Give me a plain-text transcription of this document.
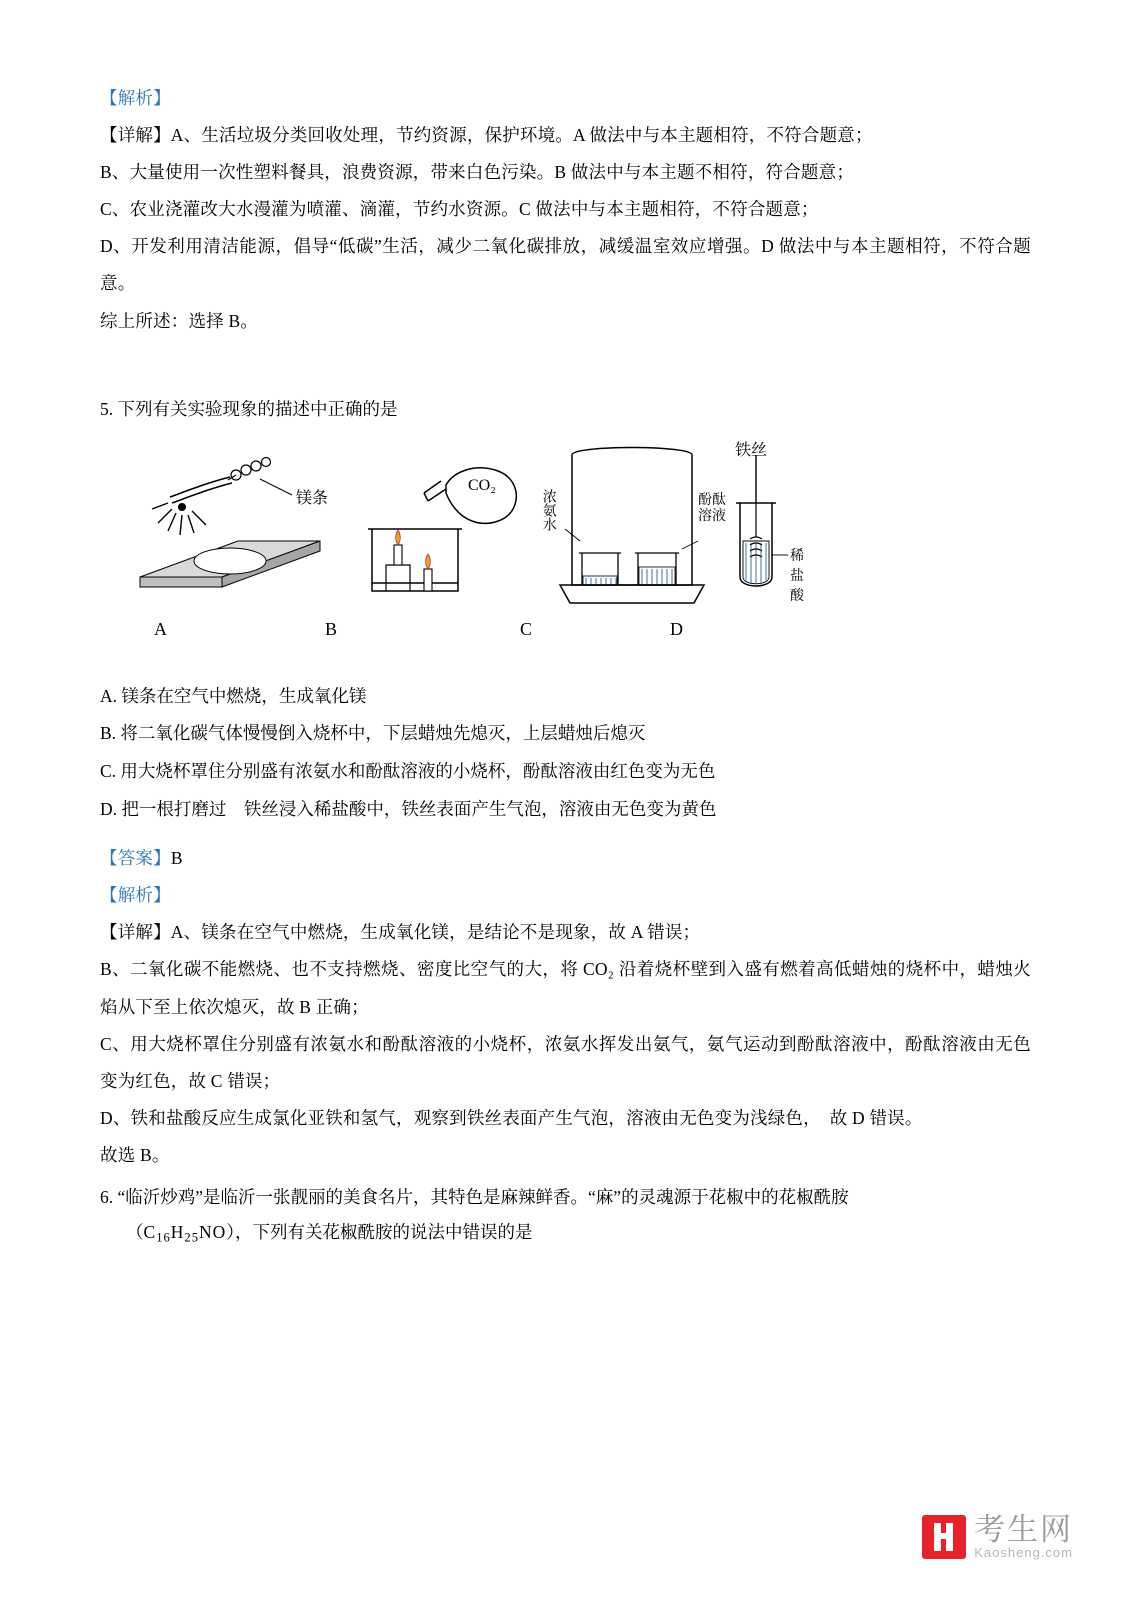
【解析】
【详解】A、生活垃圾分类回收处理，节约资源，保护环境。A 做法中与本主题相符，不符合题意；
B、大量使用一次性塑料餐具，浪费资源，带来白色污染。B 做法中与本主题不相符，符合题意；
C、农业浇灌改大水漫灌为喷灌、滴灌，节约水资源。C 做法中与本主题相符，不符合题意；
D、开发利用清洁能源，倡导“低碳”生活，减少二氧化碳排放，减缓温室效应增强。D 做法中与本主题相符，不符合题意。
综上所述：选择 B。
5. 下列有关实验现象的描述中正确的是
镁条
CO₂
浓氨水	酚酞溶液
铁丝
稀盐酸
A	B	C	D
A. 镁条在空气中燃烧，生成氧化镁
B. 将二氧化碳气体慢慢倒入烧杯中，下层蜡烛先熄灭，上层蜡烛后熄灭
C. 用大烧杯罩住分别盛有浓氨水和酚酞溶液的小烧杯，酚酞溶液由红色变为无色
D. 把一根打磨过　铁丝浸入稀盐酸中，铁丝表面产生气泡，溶液由无色变为黄色
【答案】B
【解析】
【详解】A、镁条在空气中燃烧，生成氧化镁，是结论不是现象，故 A 错误；
B、二氧化碳不能燃烧、也不支持燃烧、密度比空气的大，将 CO₂ 沿着烧杯壁到入盛有燃着高低蜡烛的烧杯中，蜡烛火焰从下至上依次熄灭，故 B 正确；
C、用大烧杯罩住分别盛有浓氨水和酚酞溶液的小烧杯，浓氨水挥发出氨气，氨气运动到酚酞溶液中，酚酞溶液由无色变为红色，故 C 错误；
D、铁和盐酸反应生成氯化亚铁和氢气，观察到铁丝表面产生气泡，溶液由无色变为浅绿色，　故 D 错误。
故选 B。
6. “临沂炒鸡”是临沂一张靓丽的美食名片，其特色是麻辣鲜香。“麻”的灵魂源于花椒中的花椒酰胺
$(C_{16}H_{25}NO)$，下列有关花椒酰胺的说法中错误的是
考生网
Kaosheng.com
